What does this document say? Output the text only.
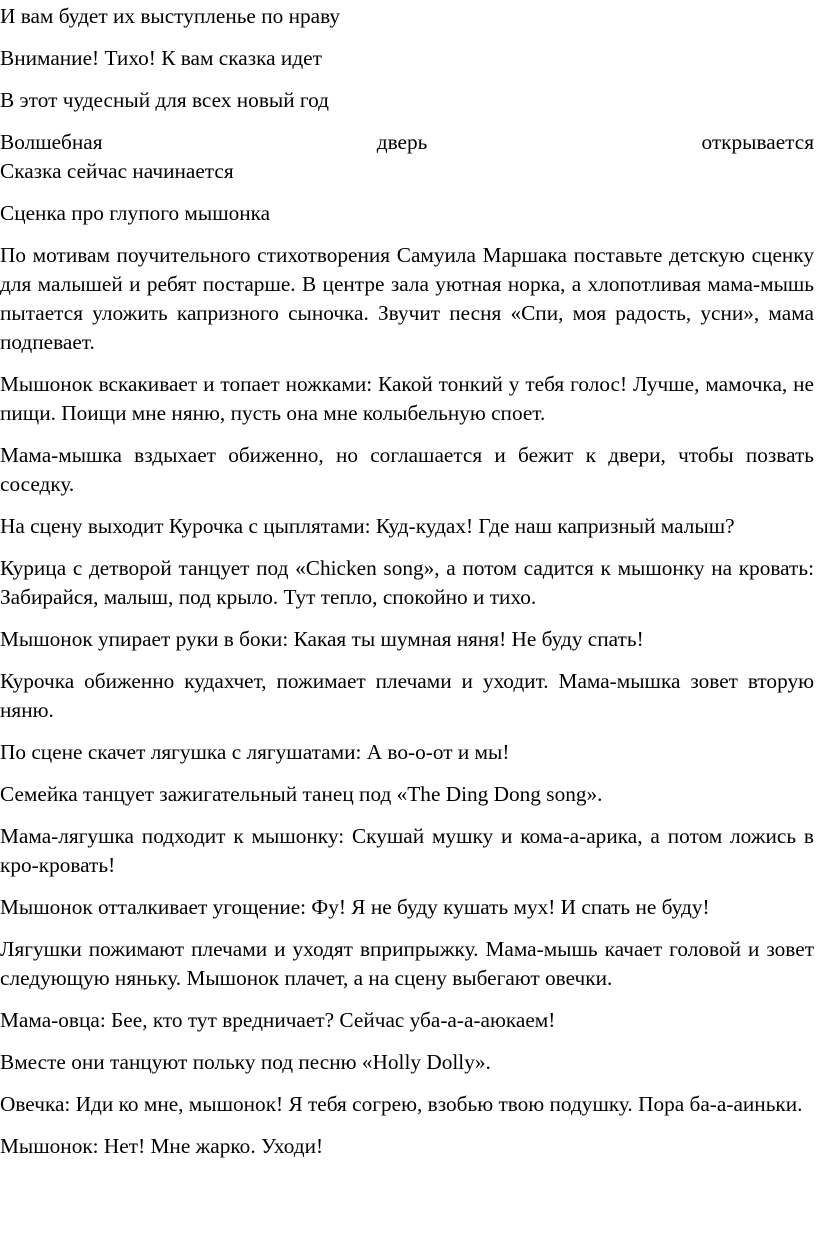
И вам будет их выступленье по нраву

Внимание! Тихо! К вам сказка идет

В этот чудесный для всех новый год

Волшебная дверь открывается

Сказка сейчас начинается

Сценка про глупого мышонка

По мотивам поучительного стихотворения Самуила Маршака поставьте детскую сценку для малышей и ребят постарше. В центре зала уютная норка, а хлопотливая мама-мышь пытается уложить капризного сыночка. Звучит песня «Спи, моя радость, усни», мама подпевает.

Мышонок вскакивает и топает ножками: Какой тонкий у тебя голос! Лучше, мамочка, не пищи. Поищи мне няню, пусть она мне колыбельную споет.

Мама-мышка вздыхает обиженно, но соглашается и бежит к двери, чтобы позвать соседку.

На сцену выходит Курочка с цыплятами: Куд-кудах! Где наш капризный малыш?

Курица с детворой танцует под «Chicken song», а потом садится к мышонку на кровать: Забирайся, малыш, под крыло. Тут тепло, спокойно и тихо.

Мышонок упирает руки в боки: Какая ты шумная няня! Не буду спать!

Курочка обиженно кудахчет, пожимает плечами и уходит. Мама-мышка зовет вторую няню.

По сцене скачет лягушка с лягушатами: А во-о-от и мы!

Семейка танцует зажигательный танец под «The Ding Dong song».

Мама-лягушка подходит к мышонку: Скушай мушку и кома-а-арика, а потом ложись в кро-кровать!

Мышонок отталкивает угощение: Фу! Я не буду кушать мух! И спать не буду!

Лягушки пожимают плечами и уходят вприпрыжку. Мама-мышь качает головой и зовет следующую няньку. Мышонок плачет, а на сцену выбегают овечки.

Мама-овца: Бее, кто тут вредничает? Сейчас уба-а-а-аюкаем!

Вместе они танцуют польку под песню «Holly Dolly».

Овечка: Иди ко мне, мышонок! Я тебя согрею, взобью твою подушку. Пора ба-а-аиньки.

Мышонок: Нет! Мне жарко. Уходи!
